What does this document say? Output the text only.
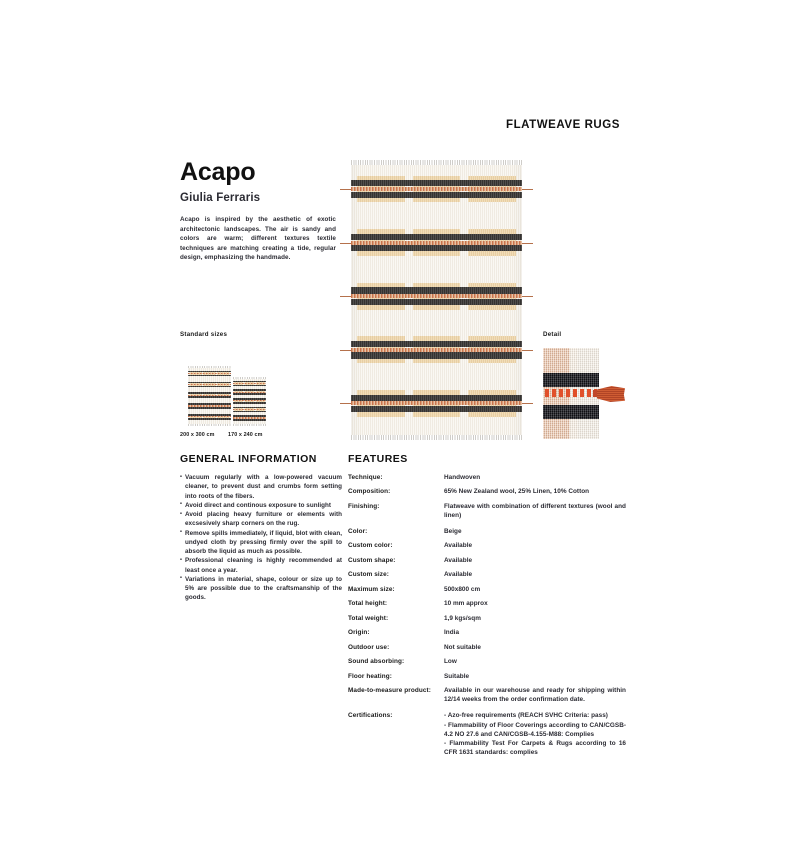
FLATWEAVE RUGS
Acapo
Giulia Ferraris
Acapo is inspired by the aesthetic of exotic architectonic landscapes. The air is sandy and colors are warm; different textures textile techniques are matching creating a tide, regular design, emphasizing the handmade.
Standard sizes
200 x 300 cm	170 x 240 cm
Detail
GENERAL INFORMATION
• Vacuum regularly with a low-powered vacuum cleaner, to prevent dust and crumbs form setting into roots of the fibers.
• Avoid direct and continous exposure to sunlight
• Avoid placing heavy furniture or elements with excsesively sharp corners on the rug.
• Remove spills immediately, if liquid, blot with clean, undyed cloth by pressing firmly over the spill to absorb the liquid as much as possible.
• Professional cleaning is highly recommended at least once a year.
• Variations in material, shape, colour or size up to 5% are possible due to the craftsmanship of the goods.
FEATURES
Technique:	Handwoven
Composition:	65% New Zealand wool, 25% Linen, 10% Cotton
Finishing:	Flatweave with combination of different textures (wool and linen)
Color:	Beige
Custom color:	Available
Custom shape:	Available
Custom size:	Available
Maximum size:	500x800 cm
Total height:	10 mm approx
Total weight:	1,9 kgs/sqm
Origin:	India
Outdoor use:	Not suitable
Sound absorbing:	Low
Floor heating:	Suitable
Made-to-measure product:	Available in our warehouse and ready for shipping within 12/14 weeks from the order confirmation date.
Certifications:	- Azo-free requirements (REACH SVHC Criteria: pass)
- Flammability of Floor Coverings according to CAN/CGSB-4.2 NO 27.6 and CAN/CGSB-4.155-M88: Complies
- Flammability Test For Carpets & Rugs according to 16 CFR 1631 standards: complies
